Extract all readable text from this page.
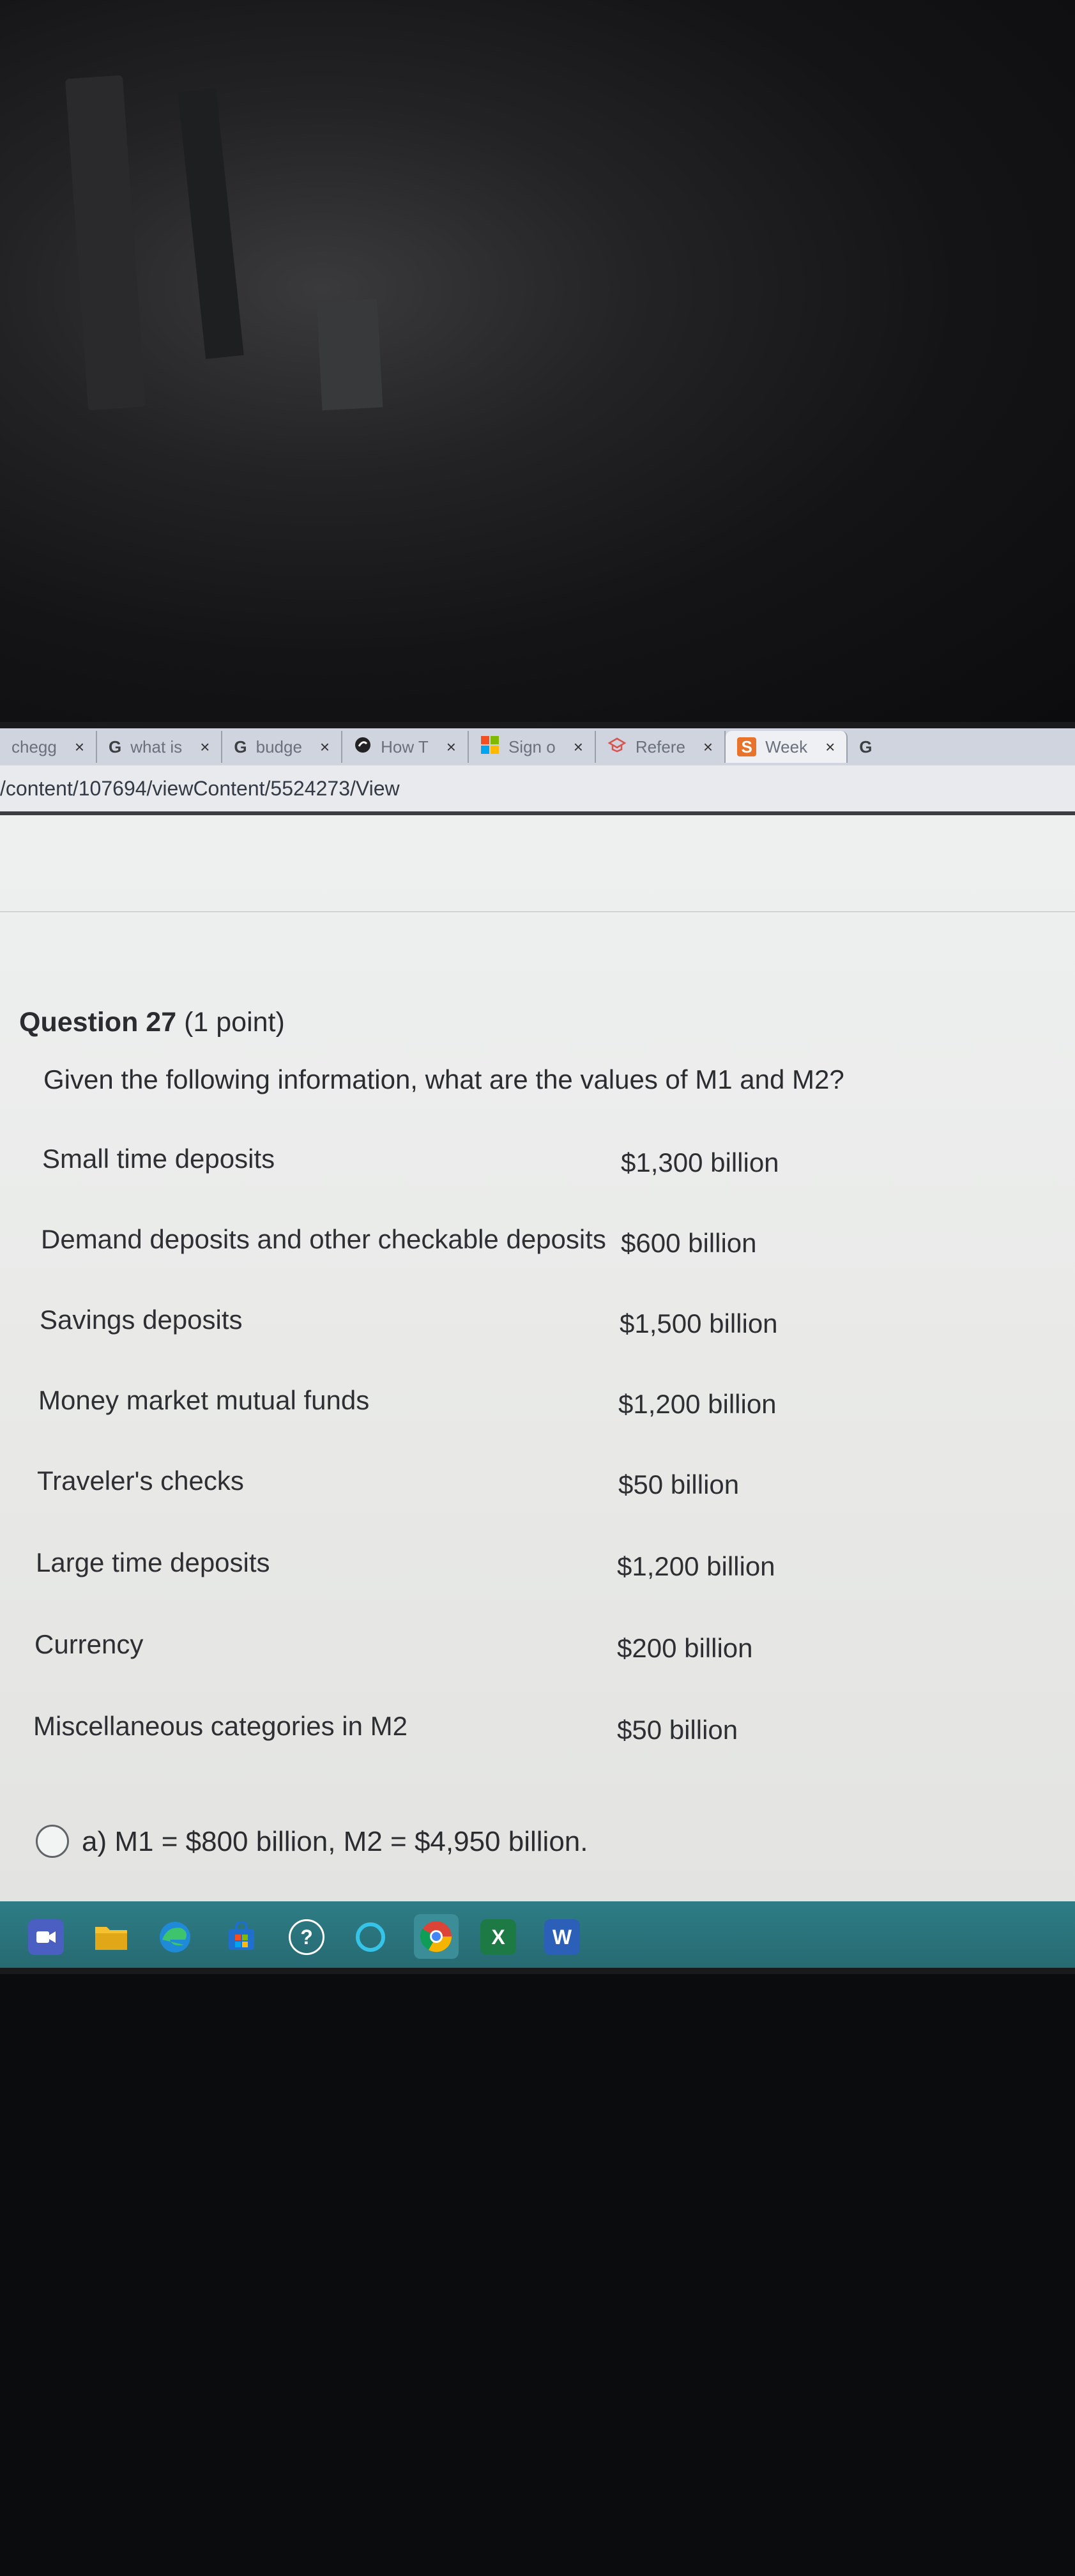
chegg × G what is × G budge ×	How T ×	Sign o ×	Refere × S Week × G
/content/107694/viewContent/5524273/View
Question 27 (1 point)
Given the following information, what are the values of M1 and M2?
Small time deposits	$1,300 billion
Demand deposits and other checkable deposits $600 billion
Savings deposits	$1,500 billion
Money market mutual funds	$1,200 billion
Traveler's checks	$50 billion
Large time deposits	$1,200 billion
Currency	$200 billion
Miscellaneous categories in M2	$50 billion
a) M1 = $800 billion, M2 = $4,950 billion.
?	X W
